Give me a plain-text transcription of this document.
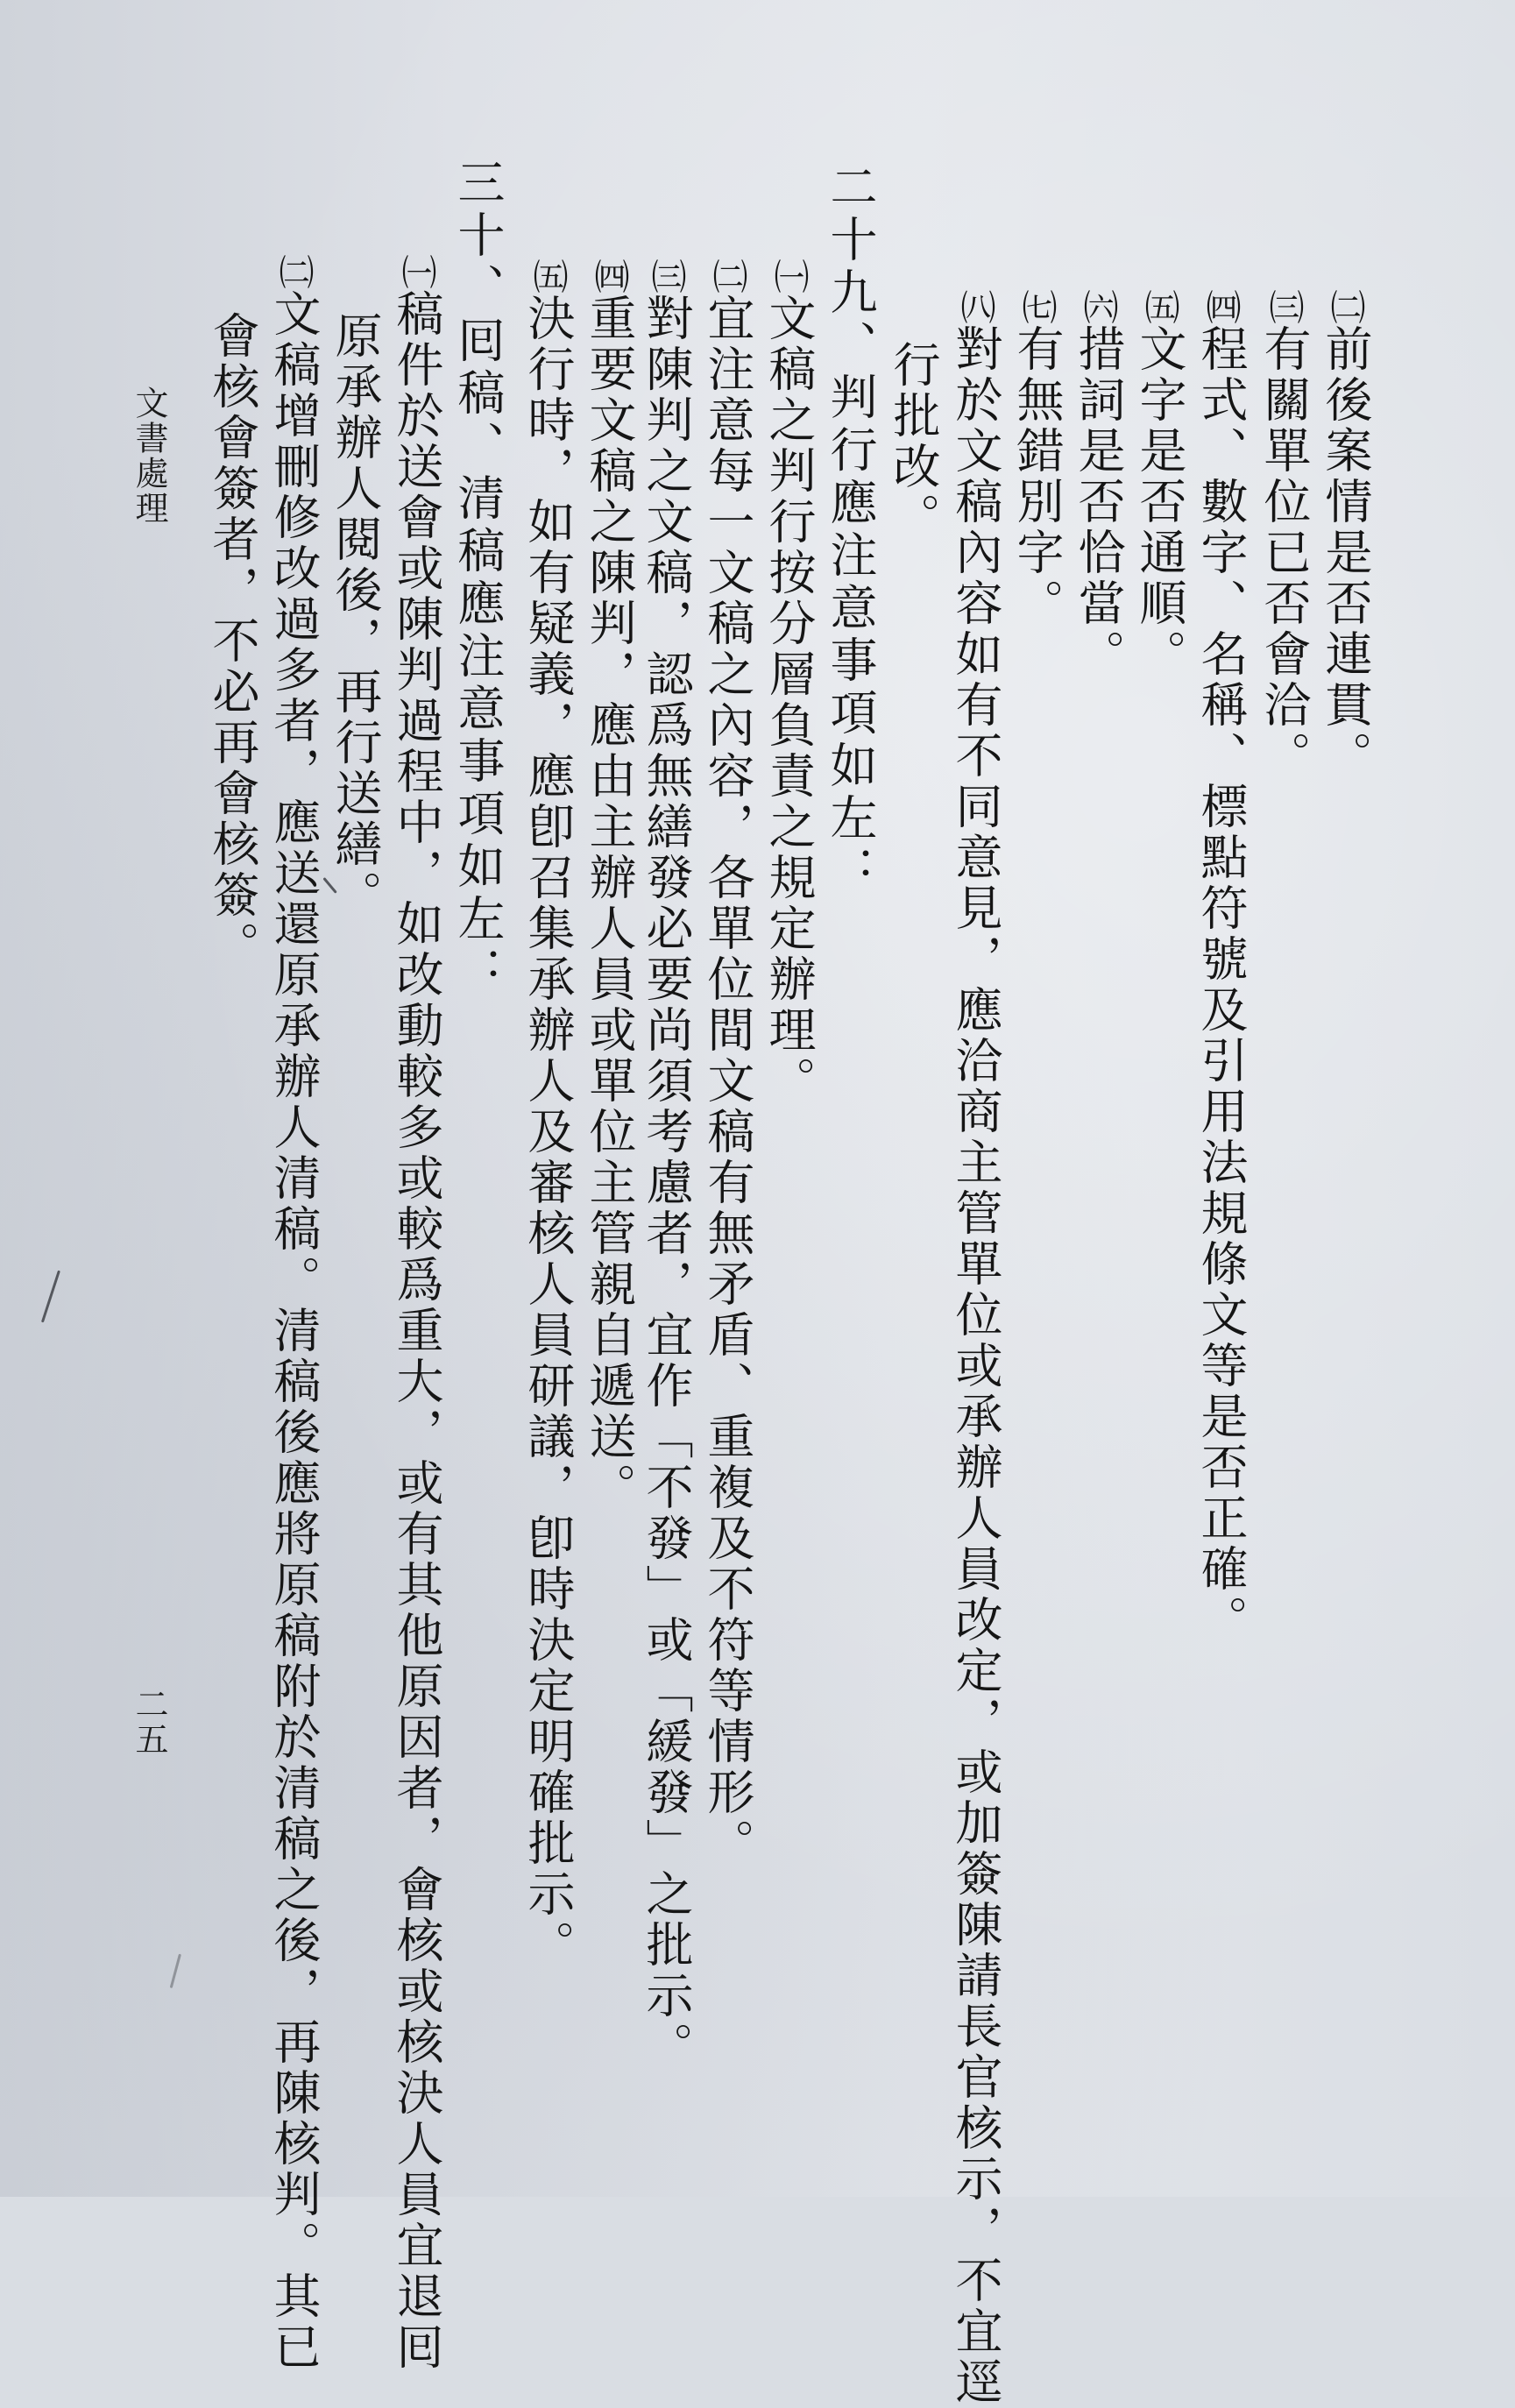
㈡前後案情是否連貫。
㈢有關單位已否會洽。
㈣程式、數字、名稱、標點符號及引用法規條文等是否正確。
㈤文字是否通順。
㈥措詞是否恰當。
㈦有無錯別字。
㈧對於文稿內容如有不同意見，應洽商主管單位或承辦人員改定，或加簽陳請長官核示，不宜逕
行批改。
二十九、判行應注意事項如左：
㈠文稿之判行按分層負責之規定辦理。
㈡宜注意每一文稿之內容，各單位間文稿有無矛盾、重複及不符等情形。
㈢對陳判之文稿，認爲無繕發必要尚須考慮者，宜作「不發」或「緩發」之批示。
㈣重要文稿之陳判，應由主辦人員或單位主管親自遞送。
㈤決行時，如有疑義，應卽召集承辦人及審核人員研議，卽時決定明確批示。
三十、囘稿、清稿應注意事項如左：
㈠稿件於送會或陳判過程中，如改動較多或較爲重大，或有其他原因者，會核或核決人員宜退囘
原承辦人閱後，再行送繕。
㈡文稿增刪修改過多者，應送還原承辦人清稿。清稿後應將原稿附於清稿之後，再陳核判。其已
會核會簽者，不必再會核簽。
文書處理
二五
